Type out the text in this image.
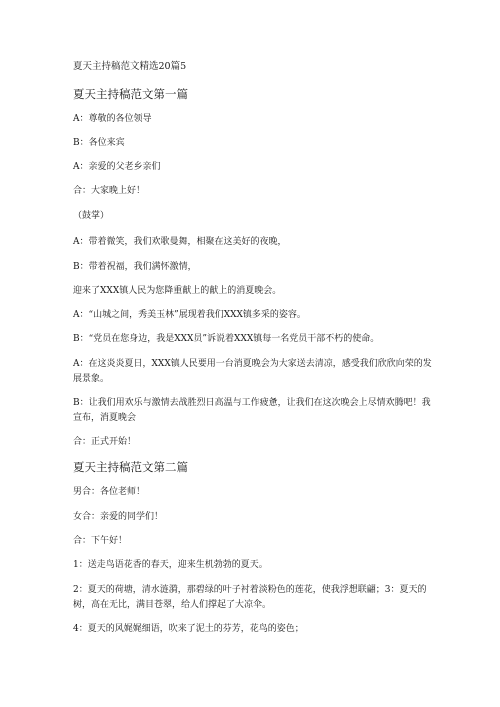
夏天主持稿范文精选20篇5
夏天主持稿范文第一篇
A：尊敬的各位领导
B：各位来宾
A：亲爱的父老乡亲们
合：大家晚上好！
（鼓掌）
A：带着微笑，我们欢歌曼舞，相聚在这美好的夜晚，
B：带着祝福，我们满怀激情，
迎来了XXX镇人民为您降重献上的献上的消夏晚会。
A：“山城之间，秀美玉林”展现着我们XXX镇多采的姿容。
B：“党员在您身边，我是XXX员”诉说着XXX镇每一名党员干部不朽的使命。
A：在这炎炎夏日，XXX镇人民要用一台消夏晚会为大家送去清凉，感受我们欣欣向荣的发展景象。
B：让我们用欢乐与激情去战胜烈日高温与工作疲惫，让我们在这次晚会上尽情欢腾吧！我宣布，消夏晚会
合：正式开始！
夏天主持稿范文第二篇
男合：各位老师！
女合：亲爱的同学们！
合：下午好！
1：送走鸟语花香的春天，迎来生机勃勃的夏天。
2：夏天的荷塘，清水涟漪，那碧绿的叶子衬着淡粉色的莲花，使我浮想联翩；3：夏天的树，高在无比，满目苍翠，给人们撑起了大凉伞。
4：夏天的风娓娓细语，吹来了泥土的芬芳，花鸟的姿色；
